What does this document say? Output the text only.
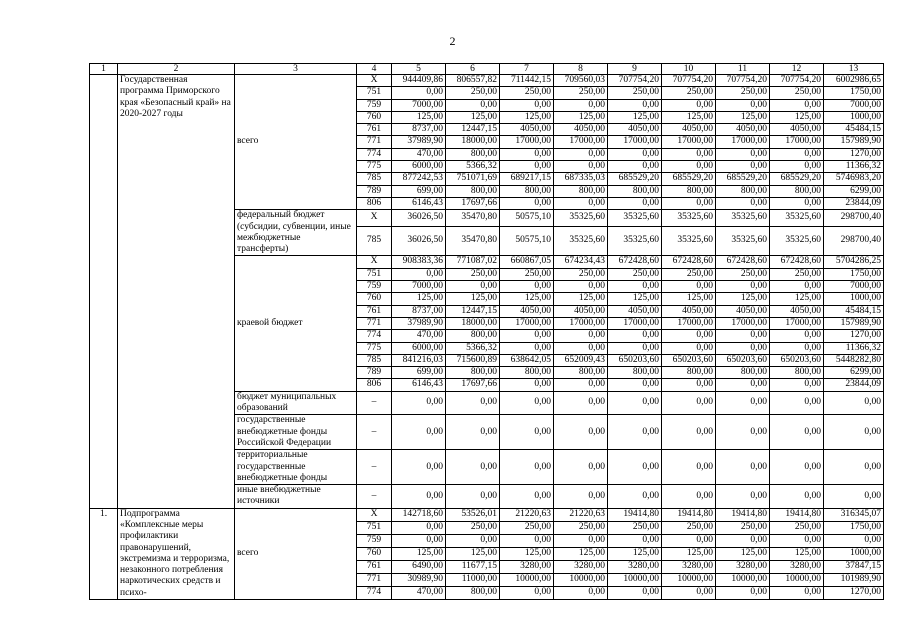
2
1	2	3	4	5	6	7	8	9	10	11	12	13
	Государственная программа Приморского края «Безопасный край» на 2020-2027 годы	всего	X	944409,86	806557,82	711442,15	709560,03	707754,20	707754,20	707754,20	707754,20	6002986,65
			751	0,00	250,00	250,00	250,00	250,00	250,00	250,00	250,00	1750,00
			759	7000,00	0,00	0,00	0,00	0,00	0,00	0,00	0,00	7000,00
			760	125,00	125,00	125,00	125,00	125,00	125,00	125,00	125,00	1000,00
			761	8737,00	12447,15	4050,00	4050,00	4050,00	4050,00	4050,00	4050,00	45484,15
			771	37989,90	18000,00	17000,00	17000,00	17000,00	17000,00	17000,00	17000,00	157989,90
			774	470,00	800,00	0,00	0,00	0,00	0,00	0,00	0,00	1270,00
			775	6000,00	5366,32	0,00	0,00	0,00	0,00	0,00	0,00	11366,32
			785	877242,53	751071,69	689217,15	687335,03	685529,20	685529,20	685529,20	685529,20	5746983,20
			789	699,00	800,00	800,00	800,00	800,00	800,00	800,00	800,00	6299,00
			806	6146,43	17697,66	0,00	0,00	0,00	0,00	0,00	0,00	23844,09
		федеральный бюджет (субсидии, субвенции, иные межбюджетные трансферты)	X	36026,50	35470,80	50575,10	35325,60	35325,60	35325,60	35325,60	35325,60	298700,40
			785	36026,50	35470,80	50575,10	35325,60	35325,60	35325,60	35325,60	35325,60	298700,40
		краевой бюджет	X	908383,36	771087,02	660867,05	674234,43	672428,60	672428,60	672428,60	672428,60	5704286,25
			751	0,00	250,00	250,00	250,00	250,00	250,00	250,00	250,00	1750,00
			759	7000,00	0,00	0,00	0,00	0,00	0,00	0,00	0,00	7000,00
			760	125,00	125,00	125,00	125,00	125,00	125,00	125,00	125,00	1000,00
			761	8737,00	12447,15	4050,00	4050,00	4050,00	4050,00	4050,00	4050,00	45484,15
			771	37989,90	18000,00	17000,00	17000,00	17000,00	17000,00	17000,00	17000,00	157989,90
			774	470,00	800,00	0,00	0,00	0,00	0,00	0,00	0,00	1270,00
			775	6000,00	5366,32	0,00	0,00	0,00	0,00	0,00	0,00	11366,32
			785	841216,03	715600,89	638642,05	652009,43	650203,60	650203,60	650203,60	650203,60	5448282,80
			789	699,00	800,00	800,00	800,00	800,00	800,00	800,00	800,00	6299,00
			806	6146,43	17697,66	0,00	0,00	0,00	0,00	0,00	0,00	23844,09
		бюджет муниципальных образований	–	0,00	0,00	0,00	0,00	0,00	0,00	0,00	0,00	0,00
		государственные внебюджетные фонды Российской Федерации	–	0,00	0,00	0,00	0,00	0,00	0,00	0,00	0,00	0,00
		территориальные государственные внебюджетные фонды	–	0,00	0,00	0,00	0,00	0,00	0,00	0,00	0,00	0,00
		иные внебюджетные источники	–	0,00	0,00	0,00	0,00	0,00	0,00	0,00	0,00	0,00
1.	Подпрограмма «Комплексные меры профилактики правонарушений, экстремизма и терроризма, незаконного потребления наркотических средств и психо-	всего	X	142718,60	53526,01	21220,63	21220,63	19414,80	19414,80	19414,80	19414,80	316345,07
			751	0,00	250,00	250,00	250,00	250,00	250,00	250,00	250,00	1750,00
			759	0,00	0,00	0,00	0,00	0,00	0,00	0,00	0,00	0,00
			760	125,00	125,00	125,00	125,00	125,00	125,00	125,00	125,00	1000,00
			761	6490,00	11677,15	3280,00	3280,00	3280,00	3280,00	3280,00	3280,00	37847,15
			771	30989,90	11000,00	10000,00	10000,00	10000,00	10000,00	10000,00	10000,00	101989,90
			774	470,00	800,00	0,00	0,00	0,00	0,00	0,00	0,00	1270,00
